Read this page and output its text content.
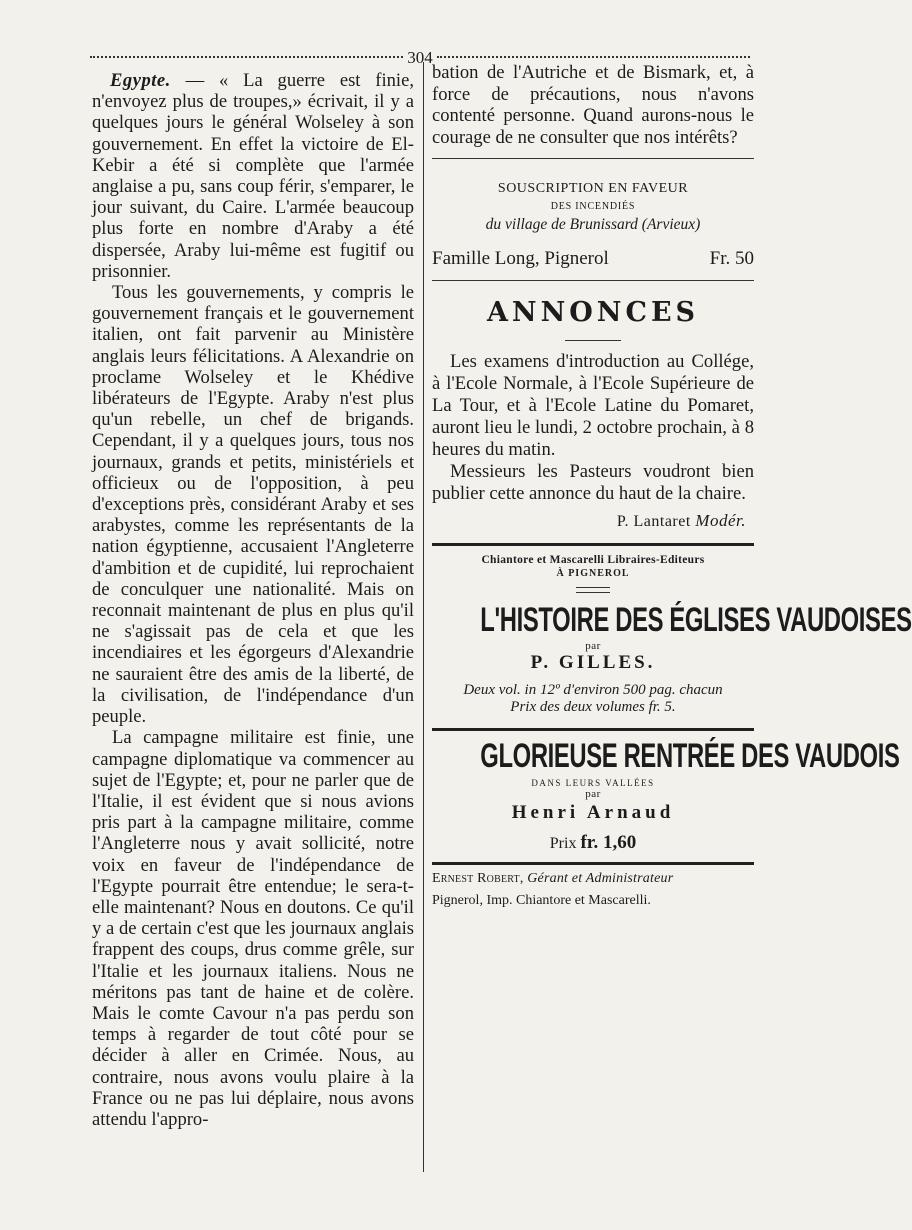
304

Egypte. — « La guerre est finie, n'envoyez plus de troupes,» écrivait, il y a quelques jours le général Wolseley à son gouvernement. En effet la victoire de El-Kebir a été si complète que l'armée anglaise a pu, sans coup férir, s'emparer, le jour suivant, du Caire. L'armée beaucoup plus forte en nombre d'Araby a été dispersée, Araby lui-même est fugitif ou prisonnier.

Tous les gouvernements, y compris le gouvernement français et le gouvernement italien, ont fait parvenir au Ministère anglais leurs félicitations. A Alexandrie on proclame Wolseley et le Khédive libérateurs de l'Egypte. Araby n'est plus qu'un rebelle, un chef de brigands. Cependant, il y a quelques jours, tous nos journaux, grands et petits, ministériels et officieux ou de l'opposition, à peu d'exceptions près, considérant Araby et ses arabystes, comme les représentants de la nation égyptienne, accusaient l'Angleterre d'ambition et de cupidité, lui reprochaient de conculquer une nationalité. Mais on reconnait maintenant de plus en plus qu'il ne s'agissait pas de cela et que les incendiaires et les égorgeurs d'Alexandrie ne sauraient être des amis de la liberté, de la civilisation, de l'indépendance d'un peuple.

La campagne militaire est finie, une campagne diplomatique va commencer au sujet de l'Egypte; et, pour ne parler que de l'Italie, il est évident que si nous avions pris part à la campagne militaire, comme l'Angleterre nous y avait sollicité, notre voix en faveur de l'indépendance de l'Egypte pourrait être entendue; le sera-t-elle maintenant? Nous en doutons. Ce qu'il y a de certain c'est que les journaux anglais frappent des coups, drus comme grêle, sur l'Italie et les journaux italiens. Nous ne méritons pas tant de haine et de colère. Mais le comte Cavour n'a pas perdu son temps à regarder de tout côté pour se décider à aller en Crimée. Nous, au contraire, nous avons voulu plaire à la France ou ne pas lui déplaire, nous avons attendu l'appro-

bation de l'Autriche et de Bismark, et, à force de précautions, nous n'avons contenté personne. Quand aurons-nous le courage de ne consulter que nos intérêts?

SOUSCRIPTION EN FAVEUR
DES INCENDIÉS
du village de Brunissard (Arvieux)
Famille Long, Pignerol	Fr. 50
ANNONCES

Les examens d'introduction au Collége, à l'Ecole Normale, à l'Ecole Supérieure de La Tour, et à l'Ecole Latine du Pomaret, auront lieu le lundi, 2 octobre prochain, à 8 heures du matin.

Messieurs les Pasteurs voudront bien publier cette annonce du haut de la chaire.

P. Lantaret Modér.
Chiantore et Mascarelli Libraires-Editeurs
À PIGNEROL
L'HISTOIRE DES ÉGLISES VAUDOISES
par
P. GILLES.
Deux vol. in 12º d'environ 500 pag. chacun
Prix des deux volumes fr. 5.
GLORIEUSE RENTRÉE DES VAUDOIS
DANS LEURS VALLÉES
par
Henri Arnaud
Prix fr. 1,60
Ernest Robert, Gérant et Administrateur
Pignerol, Imp. Chiantore et Mascarelli.
